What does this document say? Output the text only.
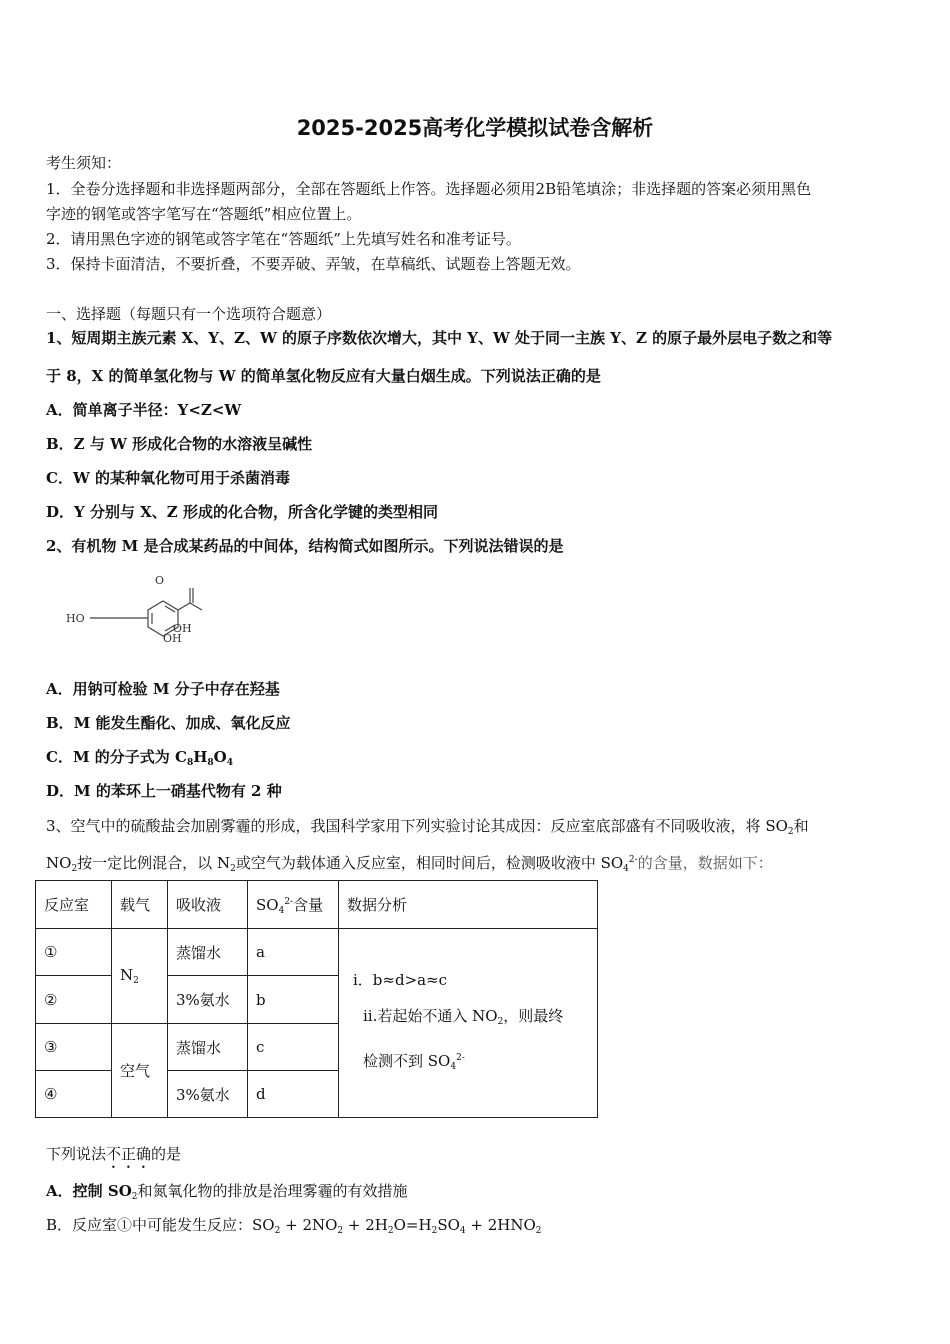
2025-2025高考化学模拟试卷含解析
考生须知：
1．全卷分选择题和非选择题两部分，全部在答题纸上作答。选择题必须用2B铅笔填涂；非选择题的答案必须用黑色
字迹的钢笔或答字笔写在“答题纸”相应位置上。
2．请用黑色字迹的钢笔或答字笔在“答题纸”上先填写姓名和准考证号。
3．保持卡面清洁，不要折叠，不要弄破、弄皱，在草稿纸、试题卷上答题无效。
一、选择题（每题只有一个选项符合题意）
1、短周期主族元素 X、Y、Z、W 的原子序数依次增大，其中 Y、W 处于同一主族 Y、Z 的原子最外层电子数之和等
于 8，X 的简单氢化物与 W 的简单氢化物反应有大量白烟生成。下列说法正确的是
A．简单离子半径：Y<Z<W
B．Z 与 W 形成化合物的水溶液呈碱性
C．W 的某种氧化物可用于杀菌消毒
D．Y 分别与 X、Z 形成的化合物，所含化学键的类型相同
2、有机物 M 是合成某药品的中间体，结构简式如图所示。下列说法错误的是
HO
O
OH
OH
A．用钠可检验 M 分子中存在羟基
B．M 能发生酯化、加成、氧化反应
C．M 的分子式为 $C_8H_8O_4$
D．M 的苯环上一硝基代物有 2 种
3、空气中的硫酸盐会加剧雾霾的形成，我国科学家用下列实验讨论其成因：反应室底部盛有不同吸收液，将 $SO_2$和
$NO_2$按一定比例混合，以 $N_2$或空气为载体通入反应室，相同时间后，检测吸收液中 $SO_4^{2-}$的含量，数据如下：
反应室	载气	吸收液	$SO_4^{2-}$含量	数据分析
①	$N_2$	蒸馏水	a	ⅰ．b≈d>a≈c
ⅱ.若起始不通入 $NO_2$，则最终
检测不到 $SO_4^{2-}$

②		3%氨水	b	
③	空气	蒸馏水	c	
④		3%氨水	d	
下列说法不正确的是
A．控制 $SO_2$和氮氧化物的排放是治理雾霾的有效措施
B．反应室①中可能发生反应：$SO_2 + 2NO_2 + 2H_2O=H_2SO_4 + 2HNO_2$
